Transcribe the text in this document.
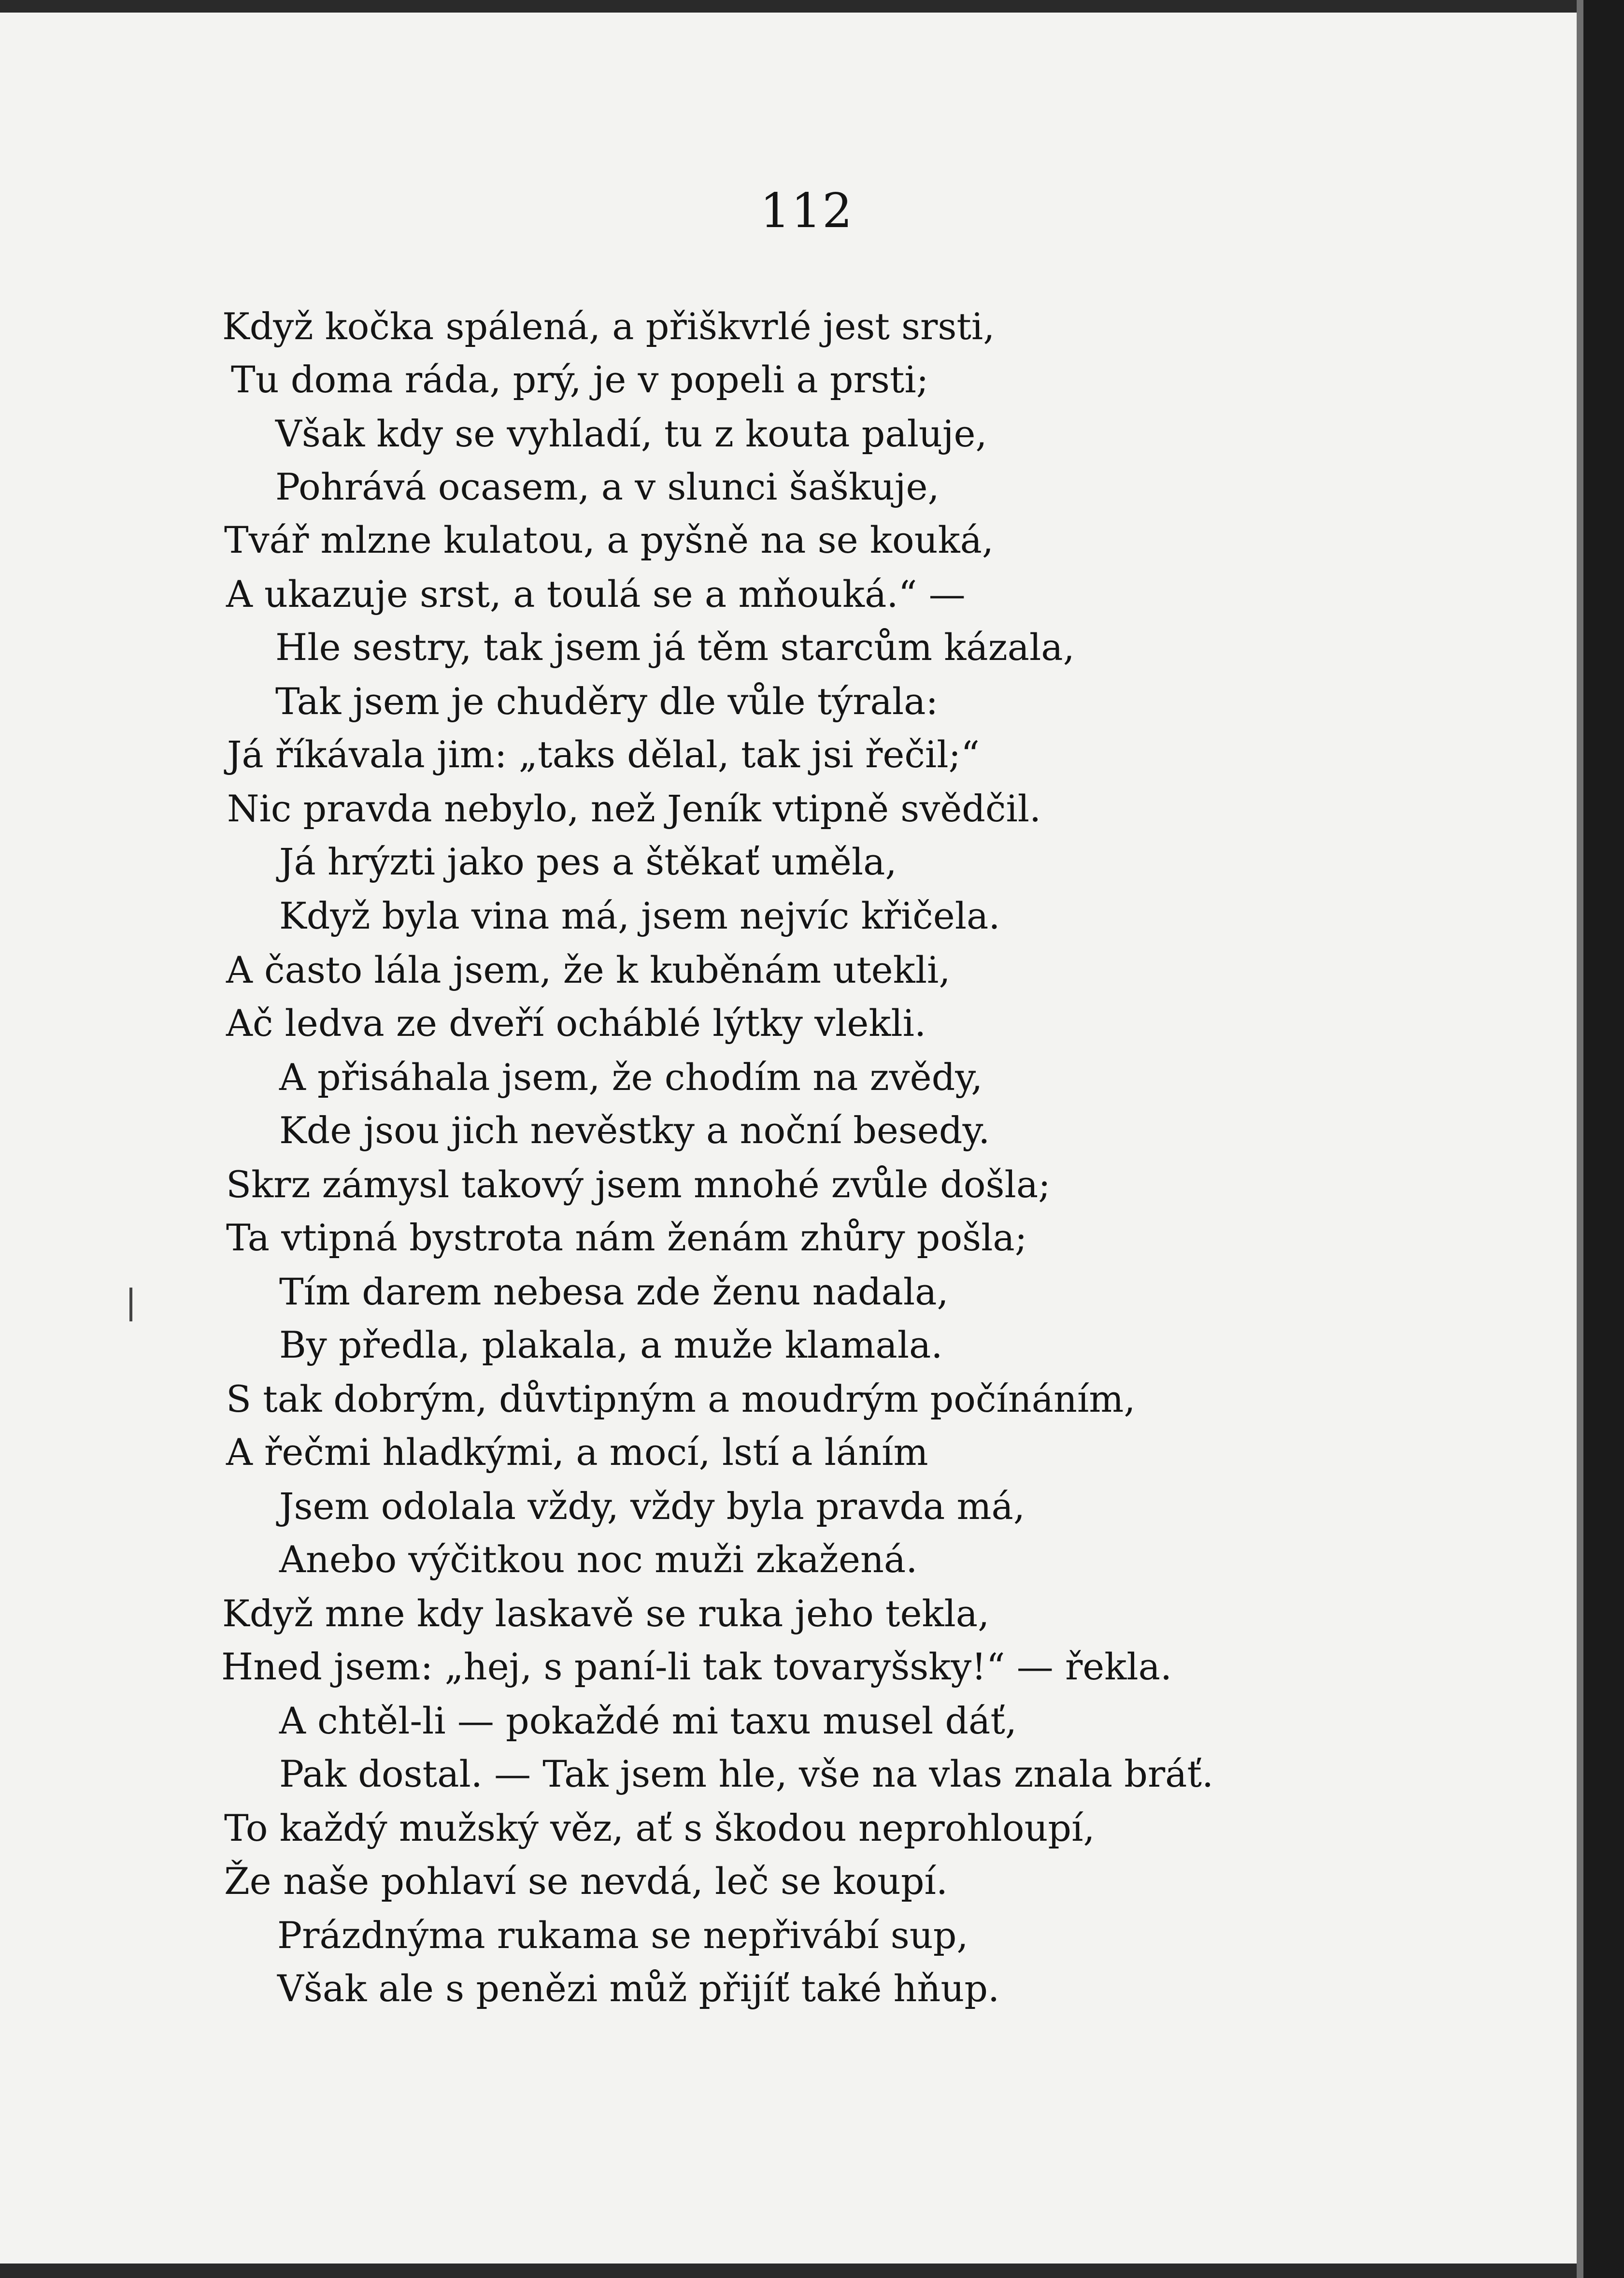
112
Když kočka spálená, a přiškvrlé jest srsti,
Tu doma ráda, prý, je v popeli a prsti;
Však kdy se vyhladí, tu z kouta paluje,
Pohrává ocasem, a v slunci šaškuje,
Tvář mlzne kulatou, a pyšně na se kouká,
A ukazuje srst, a toulá se a mňouká.“ —
Hle sestry, tak jsem já těm starcům kázala,
Tak jsem je chuděry dle vůle týrala:
Já říkávala jim: „taks dělal, tak jsi řečil;“
Nic pravda nebylo, než Jeník vtipně svědčil.
Já hrýzti jako pes a štěkať uměla,
Když byla vina má, jsem nejvíc křičela.
A často lála jsem, že k kuběnám utekli,
Ač ledva ze dveří ocháblé lýtky vlekli.
A přisáhala jsem, že chodím na zvědy,
Kde jsou jich nevěstky a noční besedy.
Skrz zámysl takový jsem mnohé zvůle došla;
Ta vtipná bystrota nám ženám zhůry pošla;
Tím darem nebesa zde ženu nadala,
By předla, plakala, a muže klamala.
S tak dobrým, důvtipným a moudrým počínáním,
A řečmi hladkými, a mocí, lstí a láním
Jsem odolala vždy, vždy byla pravda má,
Anebo výčitkou noc muži zkažená.
Když mne kdy laskavě se ruka jeho tekla,
Hned jsem: „hej, s paní-li tak tovaryšsky!“ — řekla.
A chtěl-li — pokaždé mi taxu musel dáť,
Pak dostal. — Tak jsem hle, vše na vlas znala bráť.
To každý mužský věz, ať s škodou neprohloupí,
Že naše pohlaví se nevdá, leč se koupí.
Prázdnýma rukama se nepřivábí sup,
Však ale s penězi můž přijíť také hňup.
